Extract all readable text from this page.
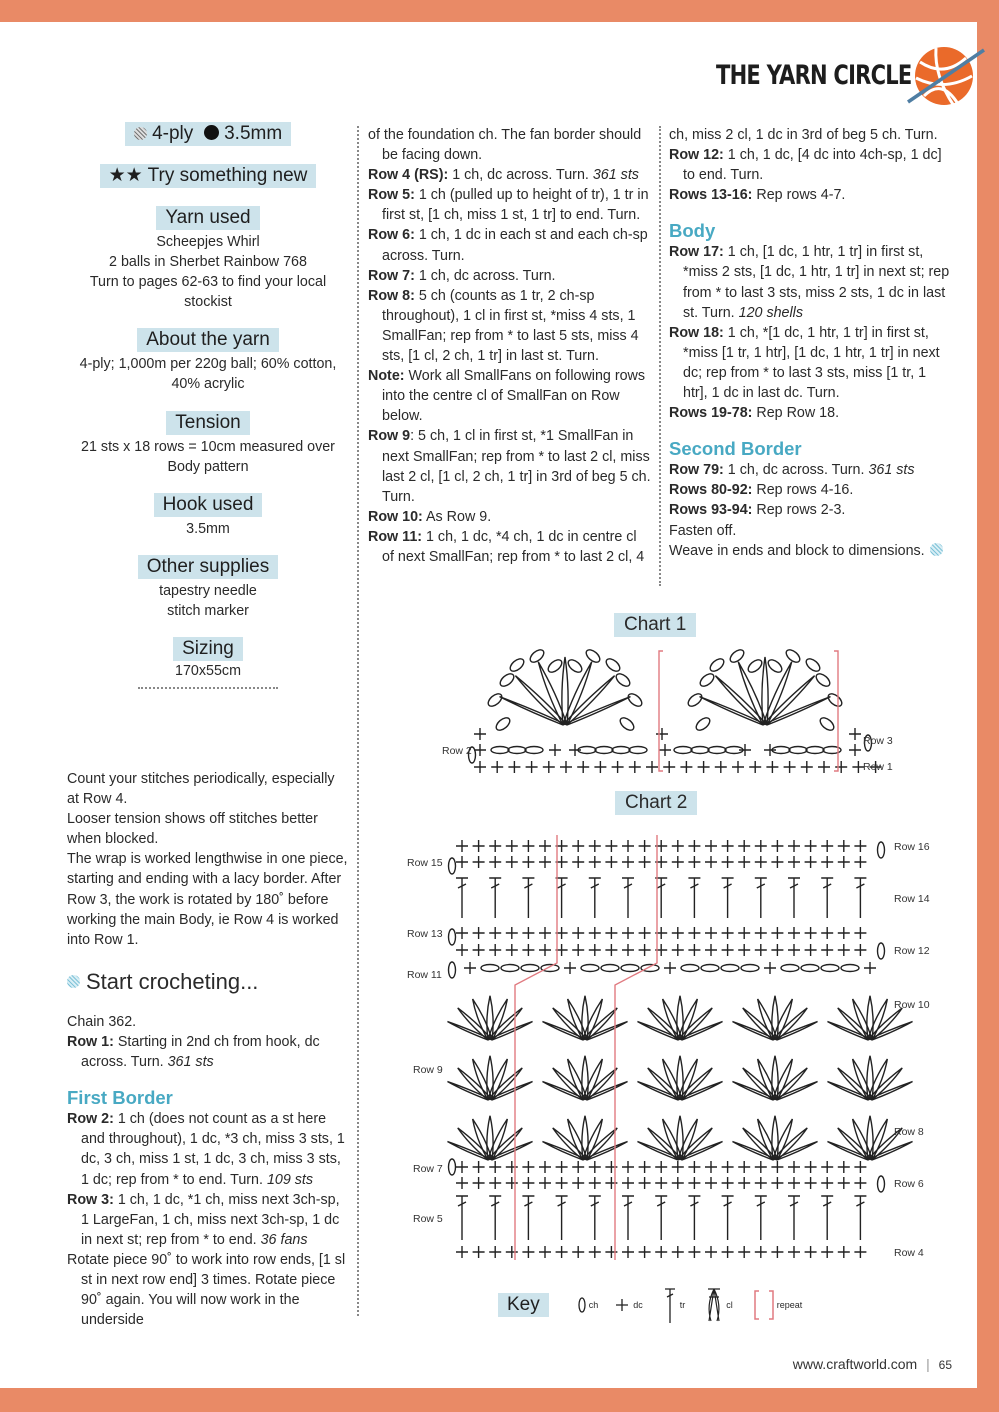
THE YARN CIRCLE
4-ply 3.5mm
★★ Try something new
Yarn used
Scheepjes Whirl
2 balls in Sherbet Rainbow 768
Turn to pages 62-63 to find your local stockist
About the yarn
4-ply; 1,000m per 220g ball; 60% cotton, 40% acrylic
Tension
21 sts x 18 rows = 10cm measured over Body pattern
Hook used
3.5mm
Other supplies
tapestry needle
stitch marker
Sizing
170x55cm
Count your stitches periodically, especially at Row 4.
Looser tension shows off stitches better when blocked.
The wrap is worked lengthwise in one piece, starting and ending with a lacy border. After Row 3, the work is rotated by 180˚ before working the main Body, ie Row 4 is worked into Row 1.
Start crocheting...
Chain 362.
Row 1: Starting in 2nd ch from hook, dc across. Turn. 361 sts
First Border
Row 2: 1 ch (does not count as a st here and throughout), 1 dc, *3 ch, miss 3 sts, 1 dc, 3 ch, miss 1 st, 1 dc, 3 ch, miss 3 sts, 1 dc; rep from * to end. Turn. 109 sts
Row 3: 1 ch, 1 dc, *1 ch, miss next 3ch-sp, 1 LargeFan, 1 ch, miss next 3ch-sp, 1 dc in next st; rep from * to end. 36 fans
Rotate piece 90˚ to work into row ends, [1 sl st in next row end] 3 times. Rotate piece 90˚ again. You will now work in the underside
of the foundation ch. The fan border should be facing down.
Row 4 (RS): 1 ch, dc across. Turn. 361 sts
Row 5: 1 ch (pulled up to height of tr), 1 tr in first st, [1 ch, miss 1 st, 1 tr] to end. Turn.
Row 6: 1 ch, 1 dc in each st and each ch-sp across. Turn.
Row 7: 1 ch, dc across. Turn.
Row 8: 5 ch (counts as 1 tr, 2 ch-sp throughout), 1 cl in first st, *miss 4 sts, 1 SmallFan; rep from * to last 5 sts, miss 4 sts, [1 cl, 2 ch, 1 tr] in last st. Turn.
Note: Work all SmallFans on following rows into the centre cl of SmallFan on Row below.
Row 9: 5 ch, 1 cl in first st, *1 SmallFan in next SmallFan; rep from * to last 2 cl, miss last 2 cl, [1 cl, 2 ch, 1 tr] in 3rd of beg 5 ch. Turn.
Row 10: As Row 9.
Row 11: 1 ch, 1 dc, *4 ch, 1 dc in centre cl of next SmallFan; rep from * to last 2 cl, 4
ch, miss 2 cl, 1 dc in 3rd of beg 5 ch. Turn.
Row 12: 1 ch, 1 dc, [4 dc into 4ch-sp, 1 dc] to end. Turn.
Rows 13-16: Rep rows 4-7.
Body
Row 17: 1 ch, [1 dc, 1 htr, 1 tr] in first st, *miss 2 sts, [1 dc, 1 htr, 1 tr] in next st; rep from * to last 3 sts, miss 2 sts, 1 dc in last st. Turn. 120 shells
Row 18: 1 ch, *[1 dc, 1 htr, 1 tr] in first st, *miss [1 tr, 1 htr], [1 dc, 1 htr, 1 tr] in next dc; rep from * to last 3 sts, miss [1 tr, 1 htr], 1 dc in last dc. Turn.
Rows 19-78: Rep Row 18.
Second Border
Row 79: 1 ch, dc across. Turn. 361 sts
Rows 80-92: Rep rows 4-16.
Rows 93-94: Rep rows 2-3.
Fasten off.
Weave in ends and block to dimensions.
Chart 1
Chart 2
Row 2
Row 3
Row 1
Row 15
Row 13
Row 11
Row 9
Row 7
Row 5
Row 16
Row 14
Row 12
Row 10
Row 8
Row 6
Row 4
Key	ch	dc	tr	cl	repeat
www.craftworld.com | 65
